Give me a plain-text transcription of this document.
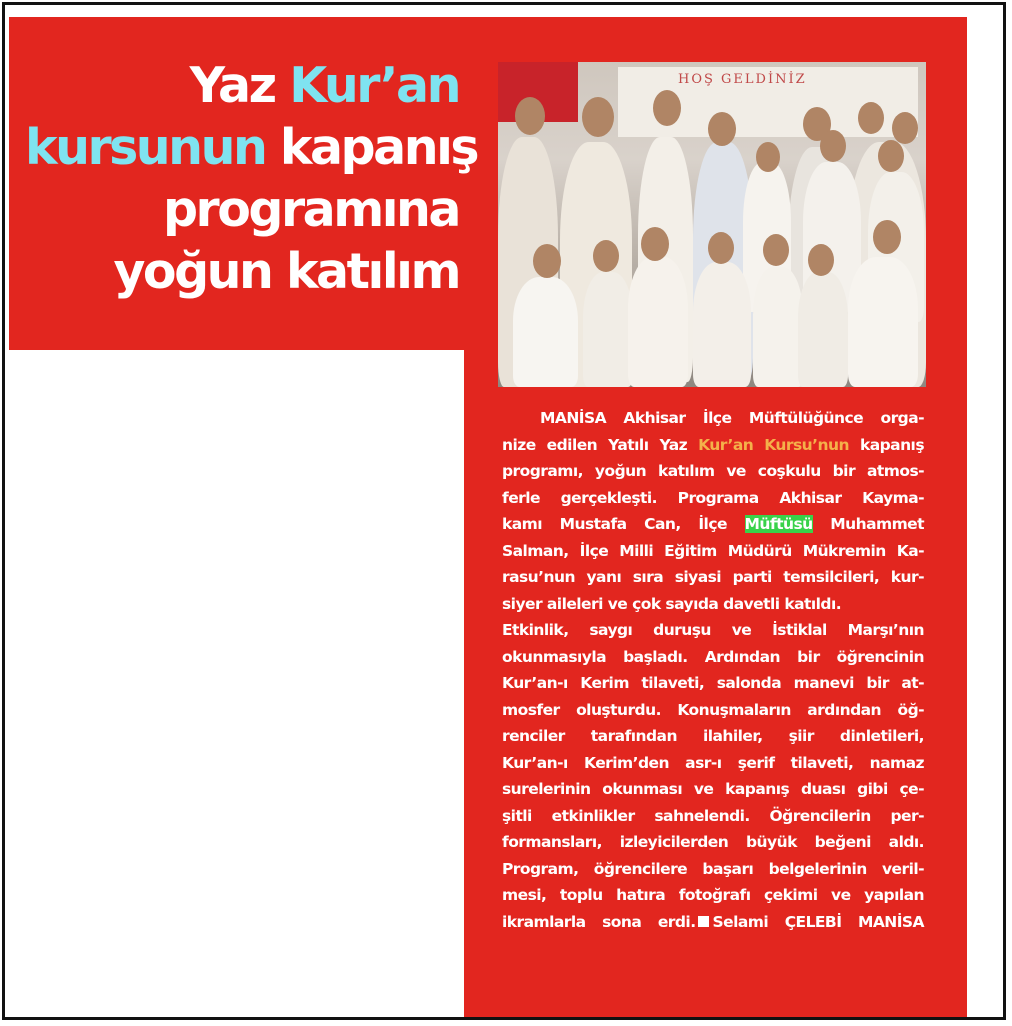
Yaz Kur’an
kursunun kapanış
programına
yoğun katılım
HOŞ GELDİNİZ
MANİSA Akhisar İlçe Müftülüğünce orga-
nize edilen Yatılı Yaz Kur’an Kursu’nun kapanış
programı, yoğun katılım ve coşkulu bir atmos-
ferle gerçekleşti. Programa Akhisar Kayma-
kamı Mustafa Can, İlçe Müftüsü Muhammet
Salman, İlçe Milli Eğitim Müdürü Mükremin Ka-
rasu’nun yanı sıra siyasi parti temsilcileri, kur-
siyer aileleri ve çok sayıda davetli katıldı.
Etkinlik, saygı duruşu ve İstiklal Marşı’nın
okunmasıyla başladı. Ardından bir öğrencinin
Kur’an-ı Kerim tilaveti, salonda manevi bir at-
mosfer oluşturdu. Konuşmaların ardından öğ-
renciler tarafından ilahiler, şiir dinletileri,
Kur’an-ı Kerim’den asr-ı şerif tilaveti, namaz
surelerinin okunması ve kapanış duası gibi çe-
şitli etkinlikler sahnelendi. Öğrencilerin per-
formansları, izleyicilerden büyük beğeni aldı.
Program, öğrencilere başarı belgelerinin veril-
mesi, toplu hatıra fotoğrafı çekimi ve yapılan
ikramlarla sona erdi. Selami ÇELEBİ MANİSA
